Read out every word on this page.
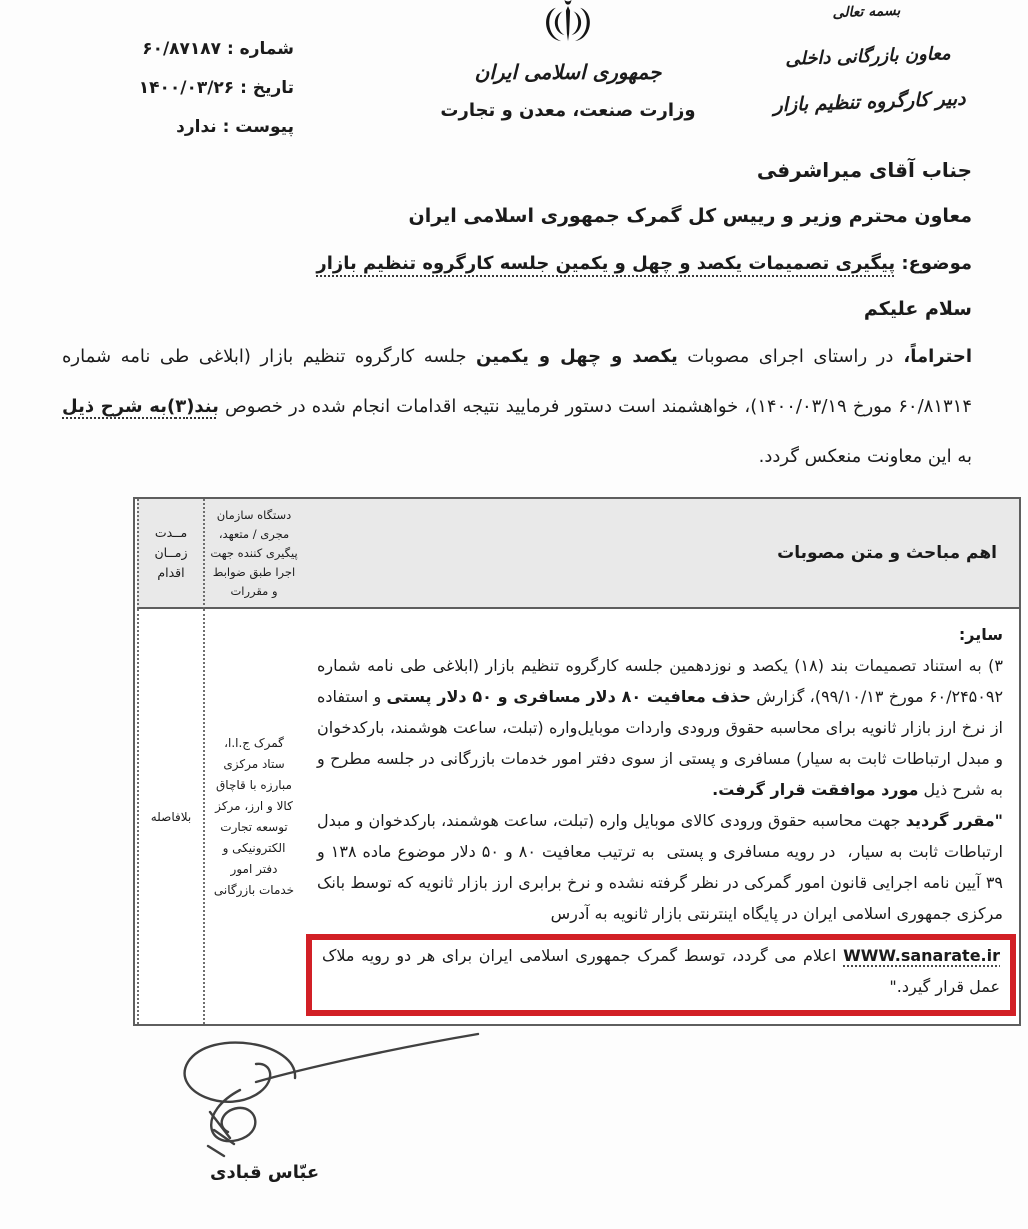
شماره : ۶۰/۸۷۱۸۷
تاریخ : ۱۴۰۰/۰۳/۲۶
پیوست : ندارد
جمهوری اسلامی ایران
وزارت صنعت، معدن و تجارت
بسمه تعالی
معاون بازرگانی داخلی
دبیر کارگروه تنظیم بازار
جناب آقای میراشرفی
معاون محترم وزیر و رییس کل گمرک جمهوری اسلامی ایران
موضوع: پیگیری تصمیمات یکصد و چهل و یکمین جلسه کارگروه تنظیم بازار
سلام علیکم

احتراماً، در راستای اجرای مصوبات یکصد و چهل و یکمین جلسه کارگروه تنظیم بازار (ابلاغی طی نامه شماره ۶۰/۸۱۳۱۴ مورخ ۱۴۰۰/۰۳/۱۹)، خواهشمند است دستور فرمایید نتیجه اقدامات انجام شده در خصوص بند(۳)به شرح ذیل به این معاونت منعکس گردد.

اهم مباحث و متن مصوبات
دستگاه سازمان مجری / متعهد، پیگیری کننده جهت اجرا طبق ضوابط و مقررات
مــدت زمــان اقدام
سایر:
۳) به استناد تصمیمات بند (۱۸) یکصد و نوزدهمین جلسه کارگروه تنظیم بازار (ابلاغی طی نامه شماره ۶۰/۲۴۵۰۹۲ مورخ ۹۹/۱۰/۱۳)، گزارش حذف معافیت ۸۰ دلار مسافری و ۵۰ دلار پستی و استفاده از نرخ ارز بازار ثانویه برای محاسبه حقوق ورودی واردات موبایل‌واره (تبلت، ساعت هوشمند، بارکدخوان و مبدل ارتباطات ثابت به سیار) مسافری و پستی از سوی دفتر امور خدمات بازرگانی در جلسه مطرح و به شرح ذیل مورد موافقت قرار گرفت.
"مقرر گردید جهت محاسبه حقوق ورودی کالای موبایل واره (تبلت، ساعت هوشمند، بارکدخوان و مبدل ارتباطات ثابت به سیار، در رویه مسافری و پستی به ترتیب معافیت ۸۰ و ۵۰ دلار موضوع ماده ۱۳۸ و ۳۹ آیین نامه اجرایی قانون امور گمرکی در نظر گرفته نشده و نرخ برابری ارز بازار ثانویه که توسط بانک مرکزی جمهوری اسلامی ایران در پایگاه اینترنتی بازار ثانویه به آدرس
WWW.sanarate.ir اعلام می گردد، توسط گمرک جمهوری اسلامی ایران برای هر دو رویه ملاک عمل قرار گیرد."
گمرک ج.ا.ا، ستاد مرکزی مبارزه با قاچاق کالا و ارز، مرکز توسعه تجارت الکترونیکی و دفتر امور خدمات بازرگانی
بلافاصله
عبّاس قبادی
